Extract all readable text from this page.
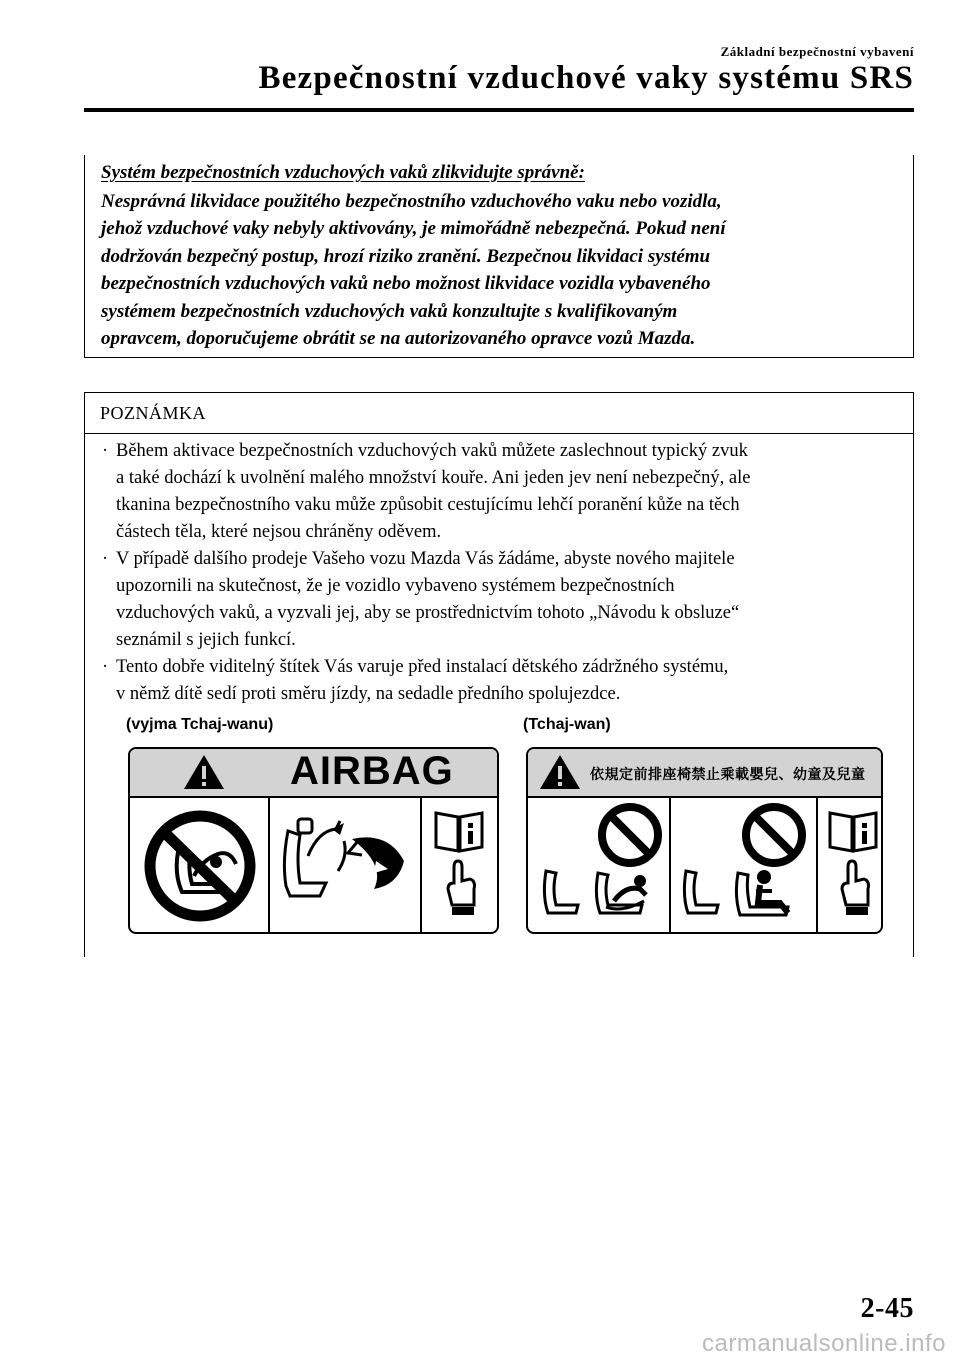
Základní bezpečnostní vybavení
Bezpečnostní vzduchové vaky systému SRS
Systém bezpečnostních vzduchových vaků zlikvidujte správně:
Nesprávná likvidace použitého bezpečnostního vzduchového vaku nebo vozidla,
jehož vzduchové vaky nebyly aktivovány, je mimořádně nebezpečná. Pokud není
dodržován bezpečný postup, hrozí riziko zranění. Bezpečnou likvidaci systému
bezpečnostních vzduchových vaků nebo možnost likvidace vozidla vybaveného
systémem bezpečnostních vzduchových vaků konzultujte s kvalifikovaným
opravcem, doporučujeme obrátit se na autorizovaného opravce vozů Mazda.
POZNÁMKA
· Během aktivace bezpečnostních vzduchových vaků můžete zaslechnout typický zvuk
a také dochází k uvolnění malého množství kouře. Ani jeden jev není nebezpečný, ale
tkanina bezpečnostního vaku může způsobit cestujícímu lehčí poranění kůže na těch
částech těla, které nejsou chráněny oděvem.
· V případě dalšího prodeje Vašeho vozu Mazda Vás žádáme, abyste nového majitele
upozornili na skutečnost, že je vozidlo vybaveno systémem bezpečnostních
vzduchových vaků, a vyzvali jej, aby se prostřednictvím tohoto „Návodu k obsluze“
seznámil s jejich funkcí.
· Tento dobře viditelný štítek Vás varuje před instalací dětského zádržného systému,
v němž dítě sedí proti směru jízdy, na sedadle předního spolujezdce.
(vyjma Tchaj-wanu)	(Tchaj-wan)
AIRBAG	依規定前排座椅禁止乘載嬰兒、幼童及兒童
2-45
carmanualsonline.info
